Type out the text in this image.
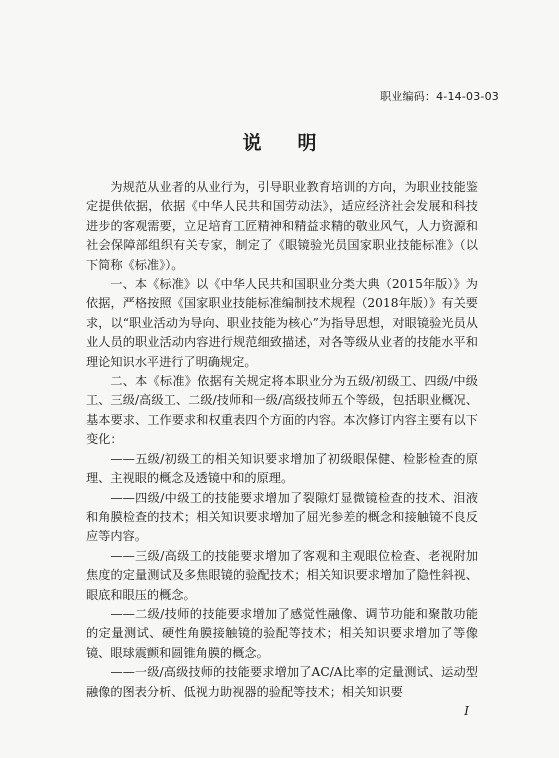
职业编码：4-14-03-03
说 明

为规范从业者的从业行为，引导职业教育培训的方向，为职业技能鉴定提供依据，依据《中华人民共和国劳动法》，适应经济社会发展和科技进步的客观需要，立足培育工匠精神和精益求精的敬业风气，人力资源和社会保障部组织有关专家，制定了《眼镜验光员国家职业技能标准》（以下简称《标准》）。

一、本《标准》以《中华人民共和国职业分类大典（2015年版）》为依据，严格按照《国家职业技能标准编制技术规程（2018年版）》有关要求，以“职业活动为导向、职业技能为核心”为指导思想，对眼镜验光员从业人员的职业活动内容进行规范细致描述，对各等级从业者的技能水平和理论知识水平进行了明确规定。

二、本《标准》依据有关规定将本职业分为五级/初级工、四级/中级工、三级/高级工、二级/技师和一级/高级技师五个等级，包括职业概况、基本要求、工作要求和权重表四个方面的内容。本次修订内容主要有以下变化：

——五级/初级工的相关知识要求增加了初级眼保健、检影检查的原理、主视眼的概念及透镜中和的原理。

——四级/中级工的技能要求增加了裂隙灯显微镜检查的技术、泪液和角膜检查的技术；相关知识要求增加了屈光参差的概念和接触镜不良反应等内容。

——三级/高级工的技能要求增加了客观和主观眼位检查、老视附加焦度的定量测试及多焦眼镜的验配技术；相关知识要求增加了隐性斜视、眼底和眼压的概念。

——二级/技师的技能要求增加了感觉性融像、调节功能和聚散功能的定量测试、硬性角膜接触镜的验配等技术；相关知识要求增加了等像镜、眼球震颤和圆锥角膜的概念。

——一级/高级技师的技能要求增加了AC/A比率的定量测试、运动型融像的图表分析、低视力助视器的验配等技术；相关知识要

I
